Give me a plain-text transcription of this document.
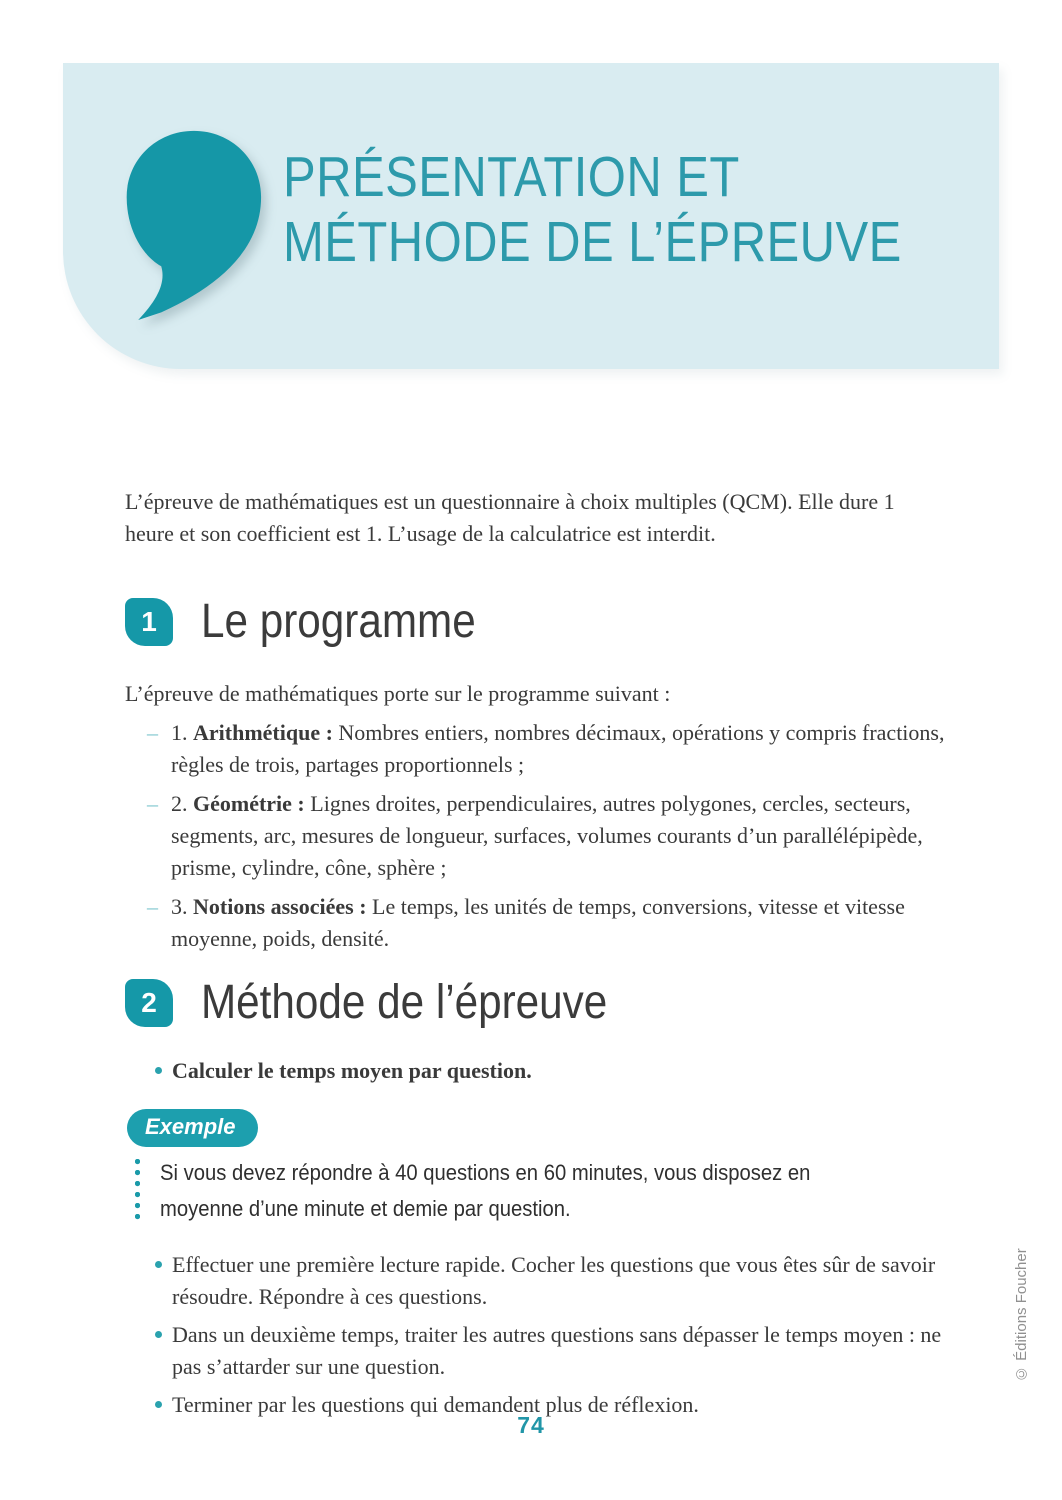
PRÉSENTATION ET
MÉTHODE DE L’ÉPREUVE

L’épreuve de mathématiques est un questionnaire à choix multiples (QCM). Elle dure 1 heure et son coefficient est 1. L’usage de la calculatrice est interdit.

1 Le programme

L’épreuve de mathématiques porte sur le programme suivant :

– 1. Arithmétique : Nombres entiers, nombres décimaux, opérations y compris fractions, règles de trois, partages proportionnels ;
– 2. Géométrie : Lignes droites, perpendiculaires, autres polygones, cercles, secteurs, segments, arc, mesures de longueur, surfaces, volumes courants d’un parallélépipède, prisme, cylindre, cône, sphère ;
– 3. Notions associées : Le temps, les unités de temps, conversions, vitesse et vitesse moyenne, poids, densité.
2 Méthode de l’épreuve
Calculer le temps moyen par question.
Exemple

Si vous devez répondre à 40 questions en 60 minutes, vous disposez en moyenne d’une minute et demie par question.

Effectuer une première lecture rapide. Cocher les questions que vous êtes sûr de savoir résoudre. Répondre à ces questions.
Dans un deuxième temps, traiter les autres questions sans dépasser le temps moyen : ne pas s’attarder sur une question.
Terminer par les questions qui demandent plus de réflexion.
74
© Éditions Foucher
